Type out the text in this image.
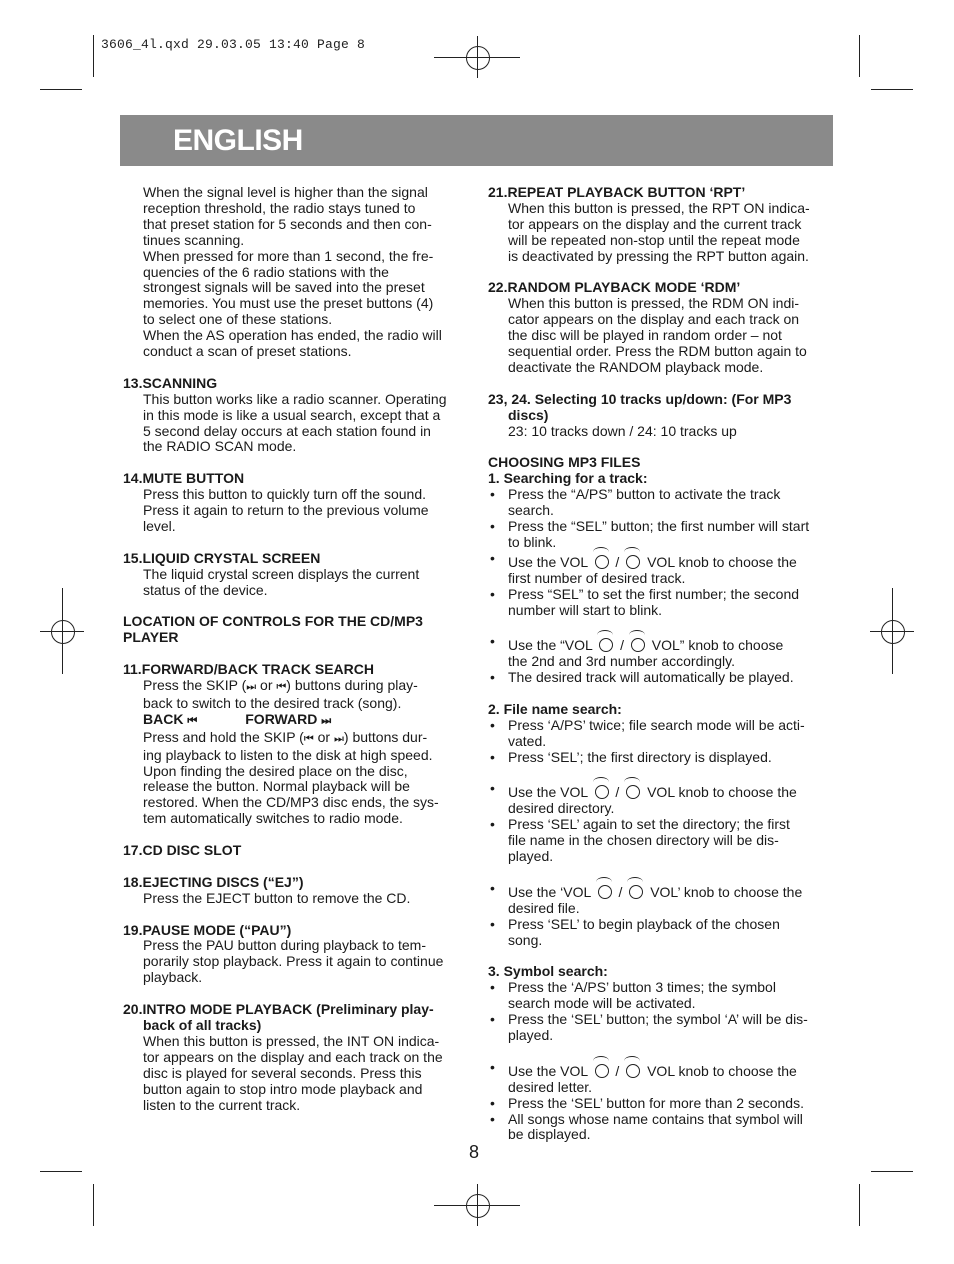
3606_4l.qxd 29.03.05 13:40 Page 8
ENGLISH

When the signal level is higher than the signal

reception threshold, the radio stays tuned to

that preset station for 5 seconds and then con-

tinues scanning.

When pressed for more than 1 second, the fre-

quencies of the 6 radio stations with the

strongest signals will be saved into the preset

memories. You must use the preset buttons (4)

to select one of these stations.

When the AS operation has ended, the radio will

conduct a scan of preset stations.

13.SCANNING

This button works like a radio scanner. Operating

in this mode is like a usual search, except that a

5 second delay occurs at each station found in

the RADIO SCAN mode.

14.MUTE BUTTON

Press this button to quickly turn off the sound.

Press it again to return to the previous volume

level.

15.LIQUID CRYSTAL SCREEN

The liquid crystal screen displays the current

status of the device.

LOCATION OF CONTROLS FOR THE CD/MP3

PLAYER

11.FORWARD/BACK TRACK SEARCH

Press the SKIP (⏭ or ⏮) buttons during play-

back to switch to the desired track (song).

BACK ⏮	FORWARD ⏭

Press and hold the SKIP (⏮ or ⏭) buttons dur-

ing playback to listen to the disk at high speed.

Upon finding the desired place on the disc,

release the button. Normal playback will be

restored. When the CD/MP3 disc ends, the sys-

tem automatically switches to radio mode.

17.CD DISC SLOT

18.EJECTING DISCS (“EJ”)

Press the EJECT button to remove the CD.

19.PAUSE MODE (“PAU”)

Press the PAU button during playback to tem-

porarily stop playback. Press it again to continue

playback.

20.INTRO MODE PLAYBACK (Preliminary play-

back of all tracks)

When this button is pressed, the INT ON indica-

tor appears on the display and each track on the

disc is played for several seconds. Press this

button again to stop intro mode playback and

listen to the current track.

21.REPEAT PLAYBACK BUTTON ‘RPT’

When this button is pressed, the RPT ON indica-

tor appears on the display and the current track

will be repeated non-stop until the repeat mode

is deactivated by pressing the RPT button again.

22.RANDOM PLAYBACK MODE ‘RDM’

When this button is pressed, the RDM ON indi-

cator appears on the display and each track on

the disc will be played in random order – not

sequential order. Press the RDM button again to

deactivate the RANDOM playback mode.

23, 24. Selecting 10 tracks up/down: (For MP3

discs)

23: 10 tracks down / 24: 10 tracks up

CHOOSING MP3 FILES

1. Searching for a track:

• Press the “A/PS” button to activate the track

search.

• Press the “SEL” button; the first number will start

to blink.

• Use the VOL
/
VOL knob to choose the

first number of desired track.

• Press “SEL” to set the first number; the second

number will start to blink.

• Use the “VOL
/
VOL” knob to choose

the 2nd and 3rd number accordingly.

• The desired track will automatically be played.

2. File name search:

• Press ‘A/PS’ twice; file search mode will be acti-

vated.

• Press ‘SEL’; the first directory is displayed.

• Use the VOL
/
VOL knob to choose the

desired directory.

• Press ‘SEL’ again to set the directory; the first

file name in the chosen directory will be dis-

played.

• Use the ‘VOL
/
VOL’ knob to choose the

desired file.

• Press ‘SEL’ to begin playback of the chosen

song.

3. Symbol search:

• Press the ‘A/PS’ button 3 times; the symbol

search mode will be activated.

• Press the ‘SEL’ button; the symbol ‘A’ will be dis-

played.

• Use the VOL
/
VOL knob to choose the

desired letter.

• Press the ‘SEL’ button for more than 2 seconds.

• All songs whose name contains that symbol will

be displayed.

8
